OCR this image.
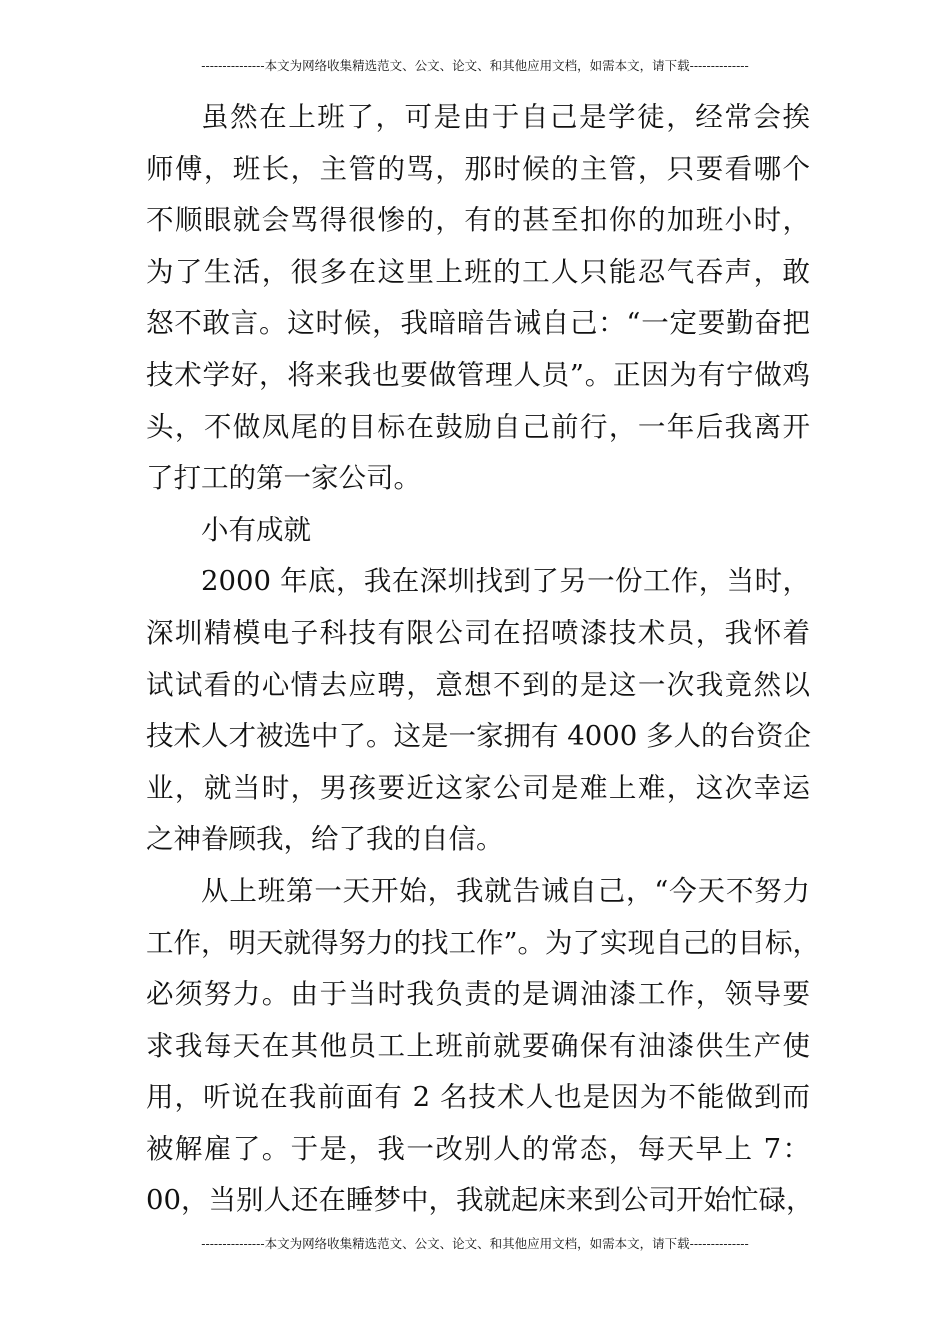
---------------本文为网络收集精选范文、公文、论文、和其他应用文档，如需本文，请下载--------------
虽然在上班了，可是由于自己是学徒，经常会挨
师傅，班长，主管的骂，那时候的主管，只要看哪个
不顺眼就会骂得很惨的，有的甚至扣你的加班小时，
为了生活，很多在这里上班的工人只能忍气吞声，敢
怒不敢言。这时候，我暗暗告诫自己：“一定要勤奋把
技术学好，将来我也要做管理人员”。正因为有宁做鸡
头，不做凤尾的目标在鼓励自己前行，一年后我离开
了打工的第一家公司。
小有成就
2000 年底，我在深圳找到了另一份工作，当时，
深圳精模电子科技有限公司在招喷漆技术员，我怀着
试试看的心情去应聘，意想不到的是这一次我竟然以
技术人才被选中了。这是一家拥有 4000 多人的台资企
业，就当时，男孩要近这家公司是难上难，这次幸运
之神眷顾我，给了我的自信。
从上班第一天开始，我就告诫自己，“今天不努力
工作，明天就得努力的找工作”。为了实现自己的目标，
必须努力。由于当时我负责的是调油漆工作，领导要
求我每天在其他员工上班前就要确保有油漆供生产使
用，听说在我前面有 2 名技术人也是因为不能做到而
被解雇了。于是，我一改别人的常态，每天早上 7：
00，当别人还在睡梦中，我就起床来到公司开始忙碌，
---------------本文为网络收集精选范文、公文、论文、和其他应用文档，如需本文，请下载--------------
